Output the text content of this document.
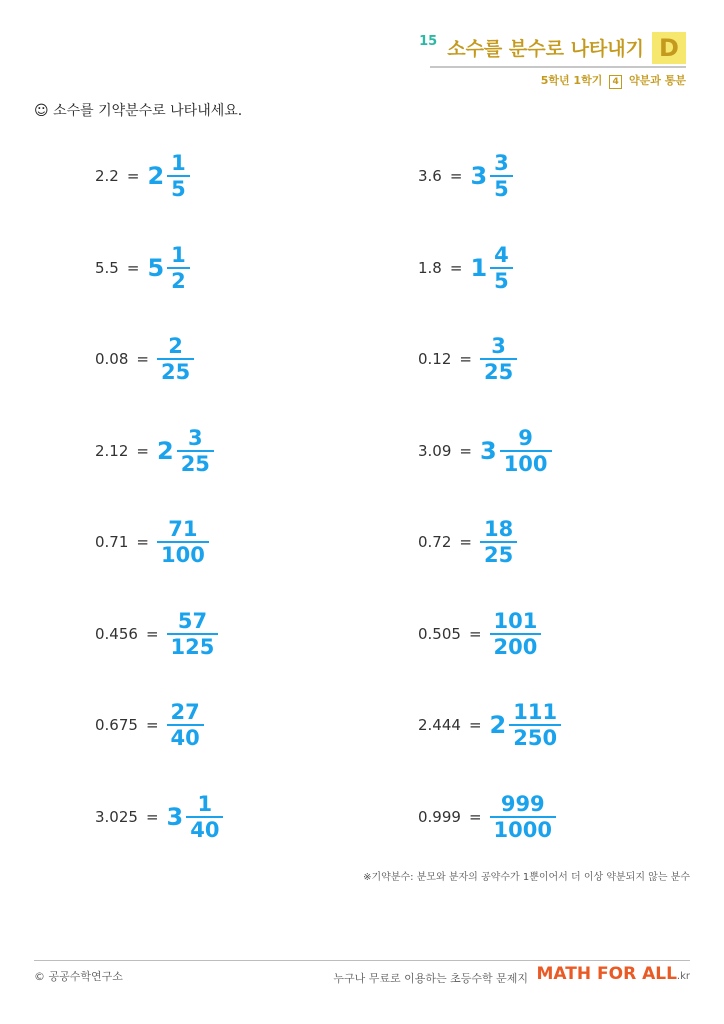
15 소수를 분수로 나타내기 D
5학년 1학기 4 약분과 통분
☺ 소수를 기약분수로 나타내세요.
$2.2 = 2 \frac{1}{5}$	$3.6 = 3 \frac{3}{5}$
$5.5 = 5 \frac{1}{2}$	$1.8 = 1 \frac{4}{5}$
$0.08 = \frac{2}{25}$	$0.12 = \frac{3}{25}$
$2.12 = 2 \frac{3}{25}$	$3.09 = 3 \frac{9}{100}$
$0.71 = \frac{71}{100}$	$0.72 = \frac{18}{25}$
$0.456 = \frac{57}{125}$	$0.505 = \frac{101}{200}$
$0.675 = \frac{27}{40}$	$2.444 = 2 \frac{111}{250}$
$3.025 = 3 \frac{1}{40}$	$0.999 = \frac{999}{1000}$
※기약분수: 분모와 분자의 공약수가 1뿐이어서 더 이상 약분되지 않는 분수
© 공공수학연구소	누구나 무료로 이용하는 초등수학 문제지 MATH FOR ALL.kr
